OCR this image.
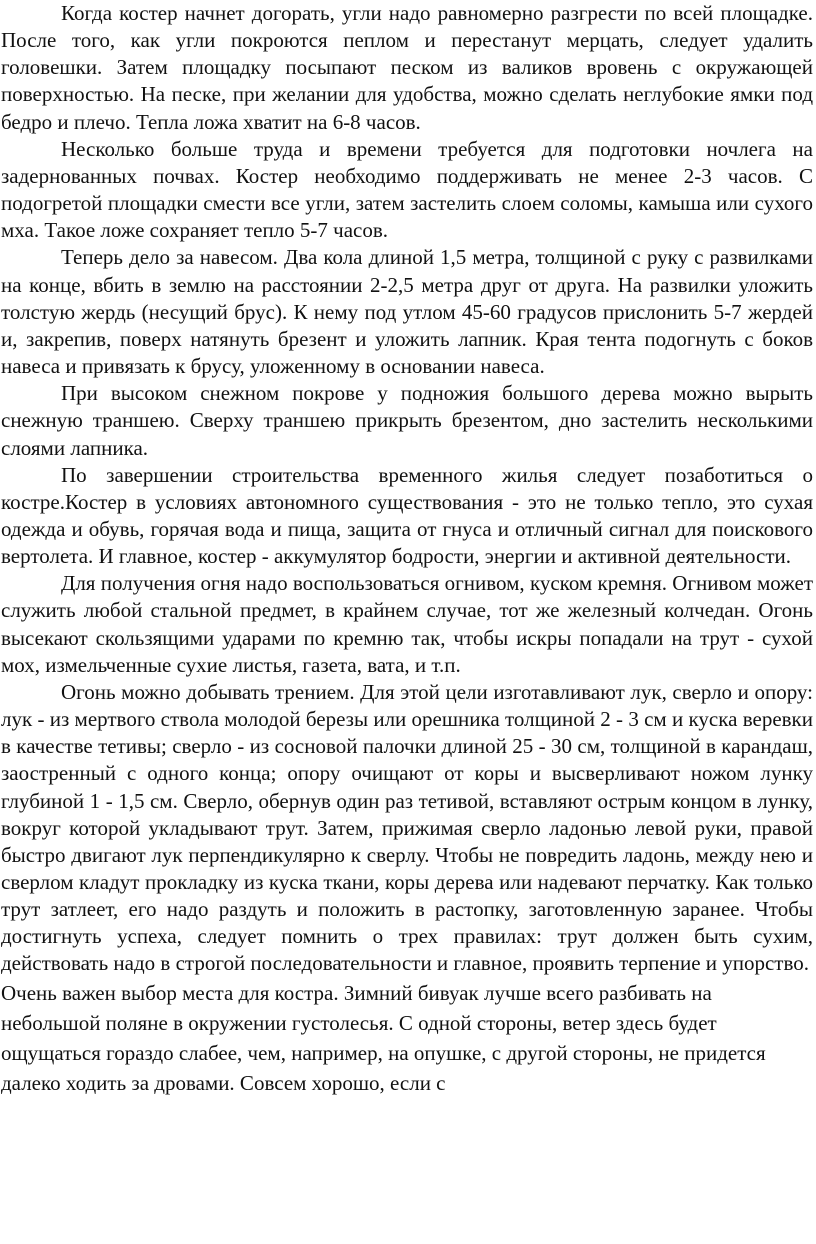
Когда костер начнет догорать, угли надо равномерно разгрести по всей площадке. После того, как угли покроются пеплом и перестанут мерцать, следует удалить головешки. Затем площадку посыпают песком из валиков вровень с окружающей поверхностью. На песке, при желании для удобства, можно сделать неглубокие ямки под бедро и плечо. Тепла ложа хватит на 6-8 часов.

Несколько больше труда и времени требуется для подготовки ночлега на задернованных почвах. Костер необходимо поддерживать не менее 2-3 часов. С подогретой площадки смести все угли, затем застелить слоем соломы, камыша или сухого мха. Такое ложе сохраняет тепло 5-7 часов.

Теперь дело за навесом. Два кола длиной 1,5 метра, толщиной с руку с развилками на конце, вбить в землю на расстоянии 2-2,5 метра друг от друга. На развилки уложить толстую жердь (несущий брус). К нему под утлом 45-60 градусов прислонить 5-7 жердей и, закрепив, поверх натянуть брезент и уложить лапник. Края тента подогнуть с боков навеса и привязать к брусу, уложенному в основании навеса.

При высоком снежном покрове у подножия большого дерева можно вырыть снежную траншею. Сверху траншею прикрыть брезентом, дно застелить несколькими слоями лапника.

По завершении строительства временного жилья следует позаботиться о костре.Костер в условиях автономного существования - это не только тепло, это сухая одежда и обувь, горячая вода и пища, защита от гнуса и отличный сигнал для поискового вертолета. И главное, костер - аккумулятор бодрости, энергии и активной деятельности.

Для получения огня надо воспользоваться огнивом, куском кремня. Огнивом может служить любой стальной предмет, в крайнем случае, тот же железный колчедан. Огонь высекают скользящими ударами по кремню так, чтобы искры попадали на трут - сухой мох, измельченные сухие листья, газета, вата, и т.п.

Огонь можно добывать трением. Для этой цели изготавливают лук, сверло и опору: лук - из мертвого ствола молодой березы или орешника толщиной 2 - 3 см и куска веревки в качестве тетивы; сверло - из сосновой палочки длиной 25 - 30 см, толщиной в карандаш, заостренный с одного конца; опору очищают от коры и высверливают ножом лунку глубиной 1 - 1,5 см. Сверло, обернув один раз тетивой, вставляют острым концом в лунку, вокруг которой укладывают трут. Затем, прижимая сверло ладонью левой руки, правой быстро двигают лук перпендикулярно к сверлу. Чтобы не повредить ладонь, между нею и сверлом кладут прокладку из куска ткани, коры дерева или надевают перчатку. Как только трут затлеет, его надо раздуть и положить в растопку, заготовленную заранее. Чтобы достигнуть успеха, следует помнить о трех правилах: трут должен быть сухим, действовать надо в строгой последовательности и главное, проявить терпение и упорство.

Очень важен выбор места для костра. Зимний бивуак лучше всего разбивать на небольшой поляне в окружении густолесья. С одной стороны, ветер здесь будет ощущаться гораздо слабее, чем, например, на опушке, с другой стороны, не придется далеко ходить за дровами. Совсем хорошо, если с
